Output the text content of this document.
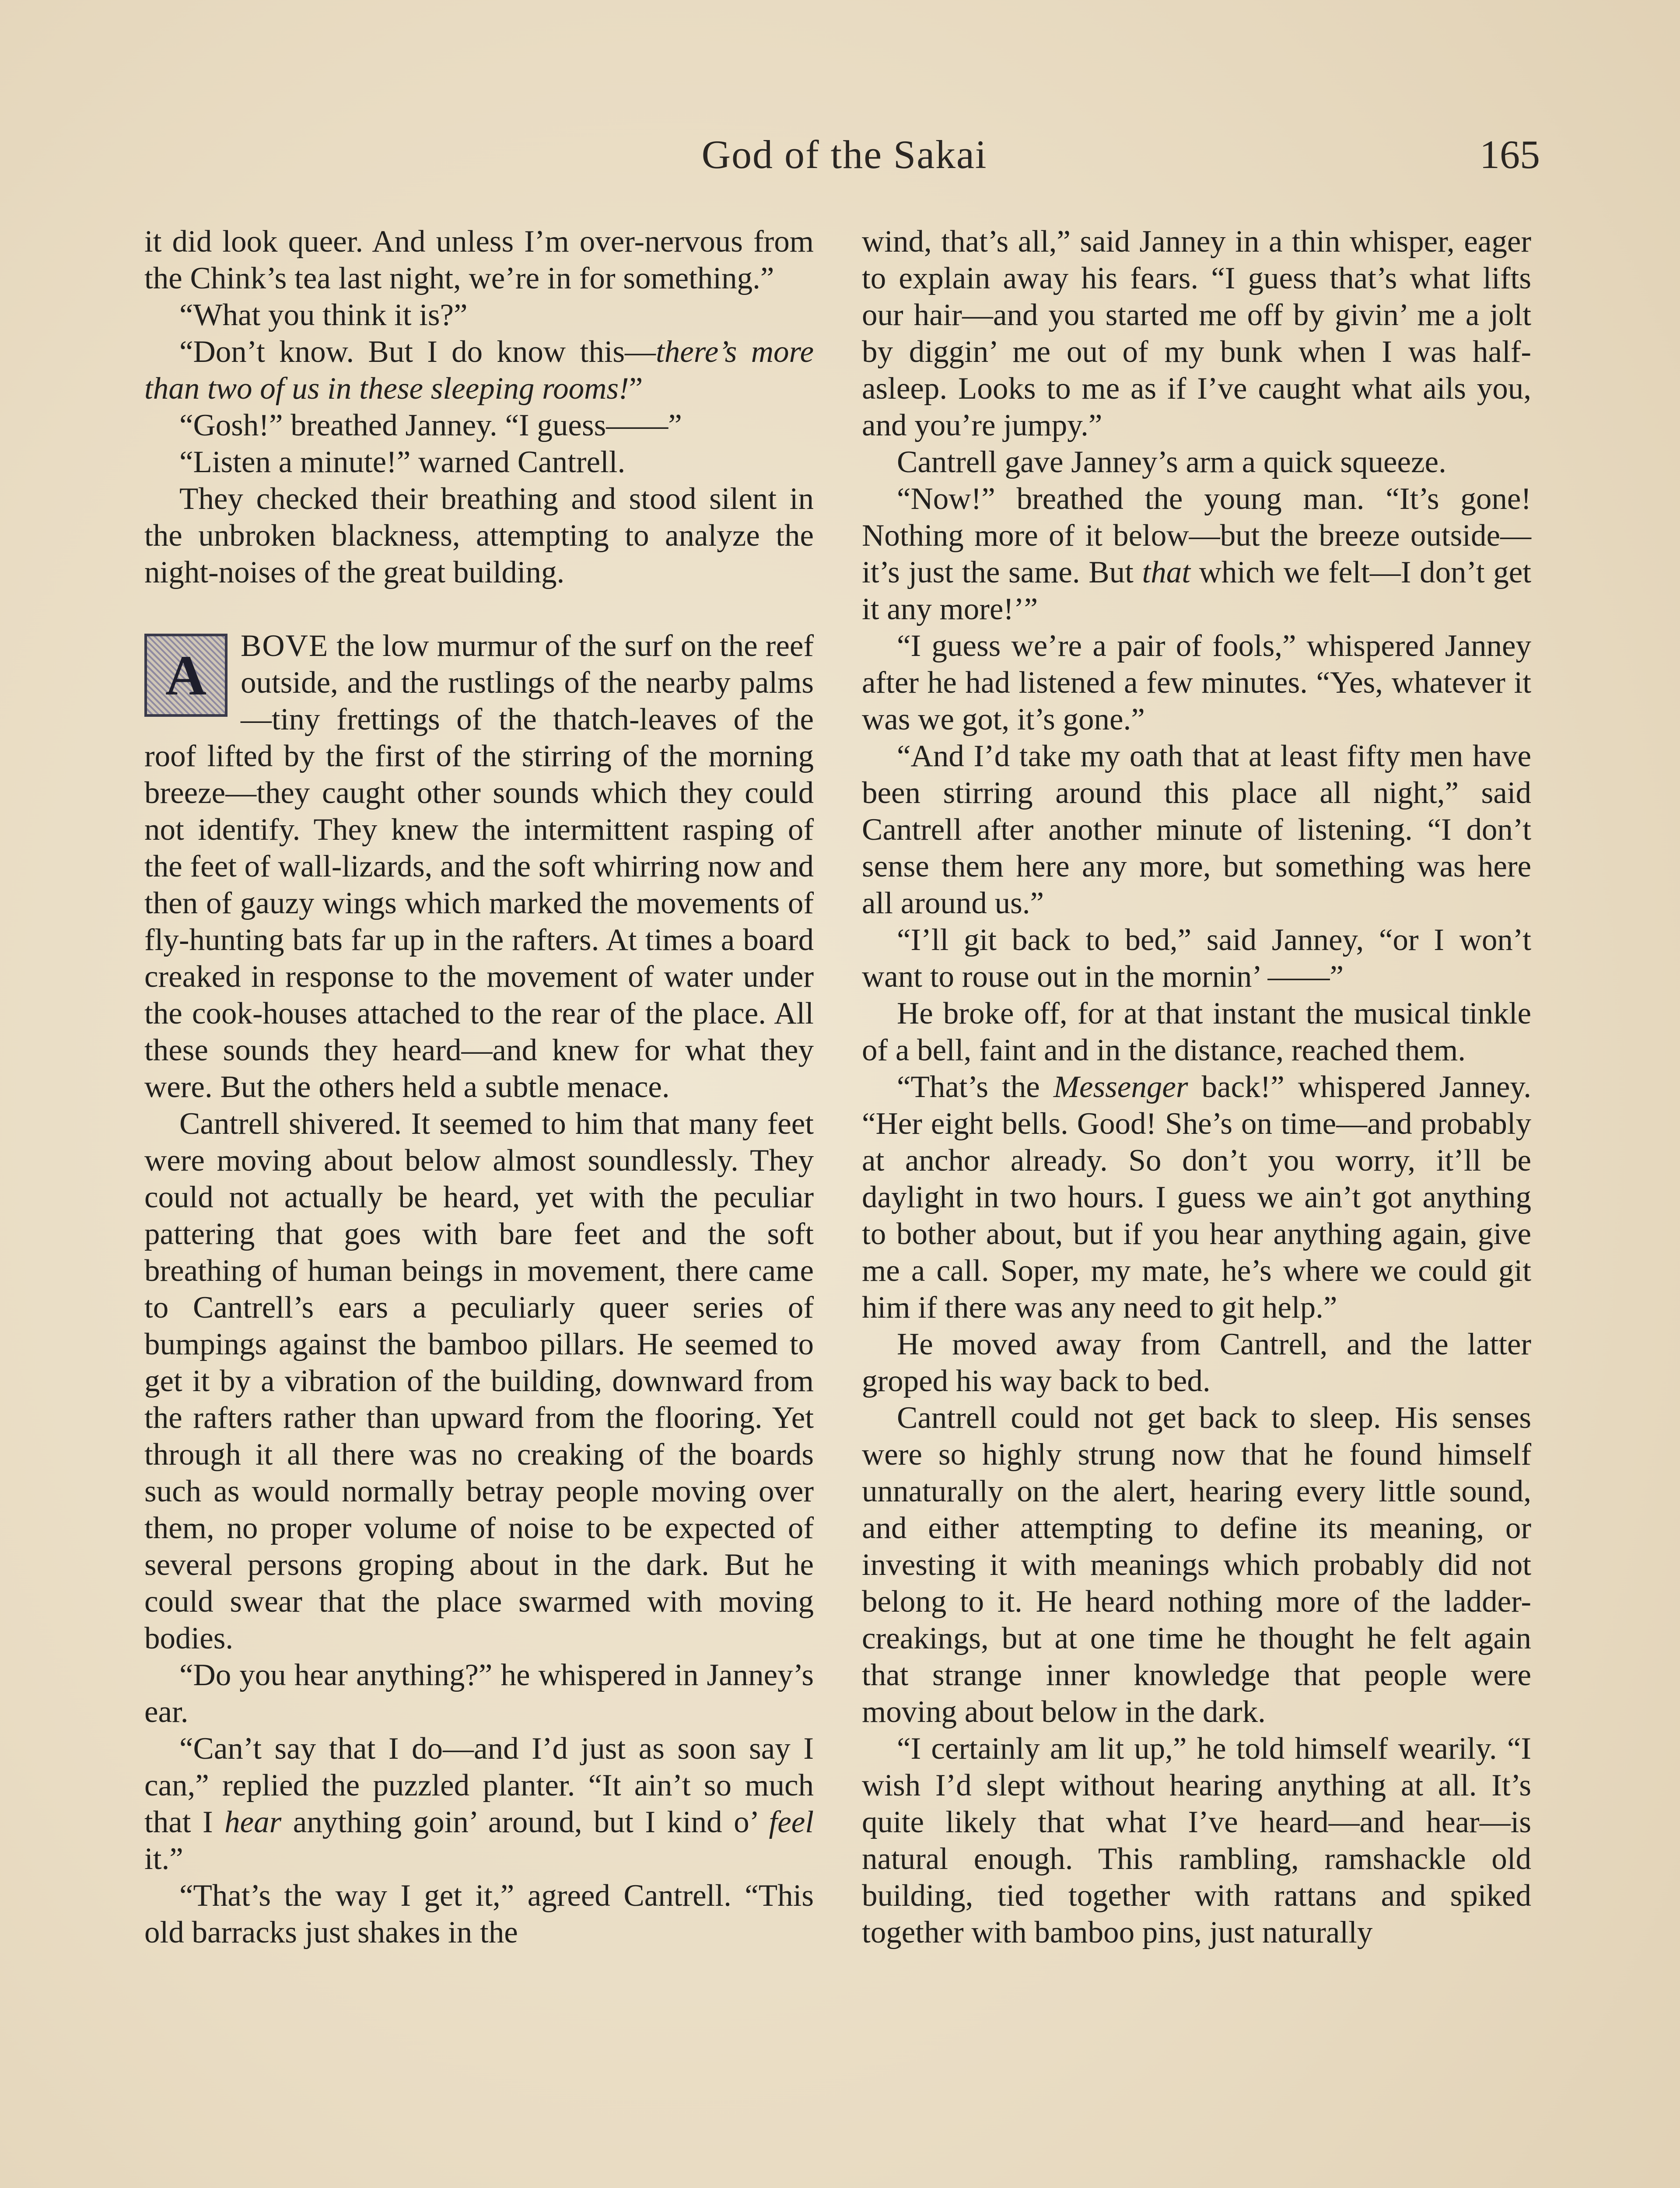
God of the Sakai	165

it did look queer. And unless I’m over-nervous from the Chink’s tea last night, we’re in for something.”

“What you think it is?”

“Don’t know. But I do know this—there’s more than two of us in these sleeping rooms!”

“Gosh!” breathed Janney. “I guess——”

“Listen a minute!” warned Cantrell.

They checked their breathing and stood silent in the unbroken blackness, attempting to analyze the night-noises of the great building.

A	BOVE the low murmur of the surf on the reef outside, and the rustlings of the nearby palms—tiny frettings of the thatch-leaves of the roof lifted by the first of the stirring of the morning breeze—they caught other sounds which they could not identify. They knew the intermittent rasping of the feet of wall-lizards, and the soft whirring now and then of gauzy wings which marked the movements of fly-hunting bats far up in the rafters. At times a board creaked in response to the movement of water under the cook-houses attached to the rear of the place. All these sounds they heard—and knew for what they were. But the others held a subtle menace.

Cantrell shivered. It seemed to him that many feet were moving about below almost soundlessly. They could not actually be heard, yet with the peculiar pattering that goes with bare feet and the soft breathing of human beings in movement, there came to Cantrell’s ears a peculiarly queer series of bumpings against the bamboo pillars. He seemed to get it by a vibration of the building, downward from the rafters rather than upward from the flooring. Yet through it all there was no creaking of the boards such as would normally betray people moving over them, no proper volume of noise to be expected of several persons groping about in the dark. But he could swear that the place swarmed with moving bodies.

“Do you hear anything?” he whispered in Janney’s ear.

“Can’t say that I do—and I’d just as soon say I can,” replied the puzzled planter. “It ain’t so much that I hear anything goin’ around, but I kind o’ feel it.”

“That’s the way I get it,” agreed Cantrell. “This old barracks just shakes in the

wind, that’s all,” said Janney in a thin whisper, eager to explain away his fears. “I guess that’s what lifts our hair—and you started me off by givin’ me a jolt by diggin’ me out of my bunk when I was half-asleep. Looks to me as if I’ve caught what ails you, and you’re jumpy.”

Cantrell gave Janney’s arm a quick squeeze.

“Now!” breathed the young man. “It’s gone! Nothing more of it below—but the breeze outside—it’s just the same. But that which we felt—I don’t get it any more!’”

“I guess we’re a pair of fools,” whispered Janney after he had listened a few minutes. “Yes, whatever it was we got, it’s gone.”

“And I’d take my oath that at least fifty men have been stirring around this place all night,” said Cantrell after another minute of listening. “I don’t sense them here any more, but something was here all around us.”

“I’ll git back to bed,” said Janney, “or I won’t want to rouse out in the mornin’ ——”

He broke off, for at that instant the musical tinkle of a bell, faint and in the distance, reached them.

“That’s the Messenger back!” whispered Janney. “Her eight bells. Good! She’s on time—and probably at anchor already. So don’t you worry, it’ll be daylight in two hours. I guess we ain’t got anything to bother about, but if you hear anything again, give me a call. Soper, my mate, he’s where we could git him if there was any need to git help.”

He moved away from Cantrell, and the latter groped his way back to bed.

Cantrell could not get back to sleep. His senses were so highly strung now that he found himself unnaturally on the alert, hearing every little sound, and either attempting to define its meaning, or investing it with meanings which probably did not belong to it. He heard nothing more of the ladder-creakings, but at one time he thought he felt again that strange inner knowledge that people were moving about below in the dark.

“I certainly am lit up,” he told himself wearily. “I wish I’d slept without hearing anything at all. It’s quite likely that what I’ve heard—and hear—is natural enough. This rambling, ramshackle old building, tied together with rattans and spiked together with bamboo pins, just naturally
